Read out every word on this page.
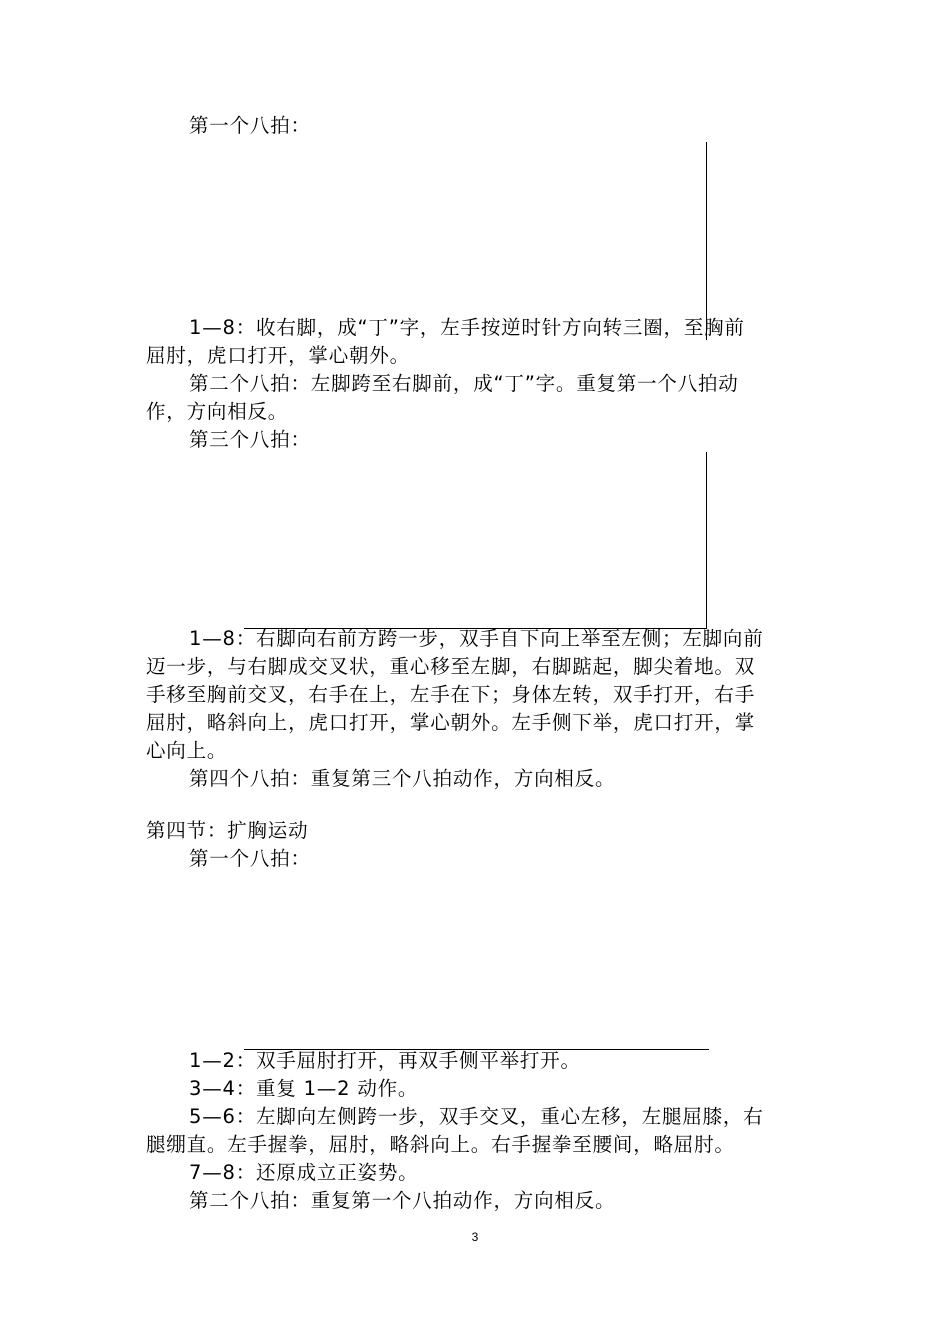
第一个八拍：
1—8：收右脚，成“丁”字，左手按逆时针方向转三圈，至胸前
屈肘，虎口打开，掌心朝外。
第二个八拍：左脚跨至右脚前，成“丁”字。重复第一个八拍动
作，方向相反。
第三个八拍：
1—8：右脚向右前方跨一步，双手自下向上举至左侧；左脚向前
迈一步，与右脚成交叉状，重心移至左脚，右脚踮起，脚尖着地。双
手移至胸前交叉，右手在上，左手在下；身体左转，双手打开，右手
屈肘，略斜向上，虎口打开，掌心朝外。左手侧下举，虎口打开，掌
心向上。
第四个八拍：重复第三个八拍动作，方向相反。
第四节：扩胸运动
第一个八拍：
1—2：双手屈肘打开，再双手侧平举打开。
3—4：重复 1—2 动作。
5—6：左脚向左侧跨一步，双手交叉，重心左移，左腿屈膝，右
腿绷直。左手握拳，屈肘，略斜向上。右手握拳至腰间，略屈肘。
7—8：还原成立正姿势。
第二个八拍：重复第一个八拍动作，方向相反。
3
